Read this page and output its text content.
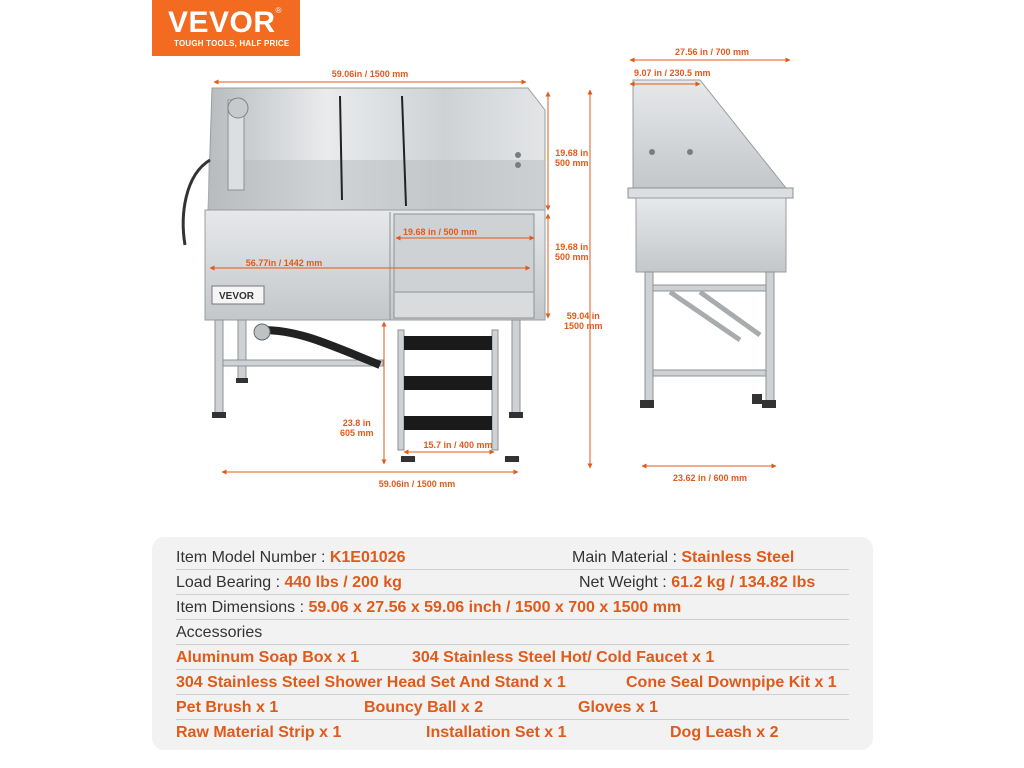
VEVOR®
TOUGH TOOLS, HALF PRICE
VEVOR
59.06in / 1500 mm
56.77in / 1442 mm
19.68 in / 500 mm
19.68 in
500 mm
19.68 in
500 mm
59.04 in
1500 mm
23.8 in
605 mm
15.7 in / 400 mm
59.06in / 1500 mm
27.56 in / 700 mm
9.07 in / 230.5 mm
23.62 in / 600 mm
Item Model Number : K1E01026	Main Material : Stainless Steel
Load Bearing : 440 lbs / 200 kg	Net Weight : 61.2 kg / 134.82 lbs
Item Dimensions : 59.06 x 27.56 x 59.06 inch / 1500 x 700 x 1500 mm
Accessories
Aluminum Soap Box x 1	304 Stainless Steel Hot/ Cold Faucet x 1
304 Stainless Steel Shower Head Set And Stand x 1	Cone Seal Downpipe Kit x 1
Pet Brush x 1	Bouncy Ball x 2	Gloves x 1
Raw Material Strip x 1	Installation Set x 1	Dog Leash x 2
